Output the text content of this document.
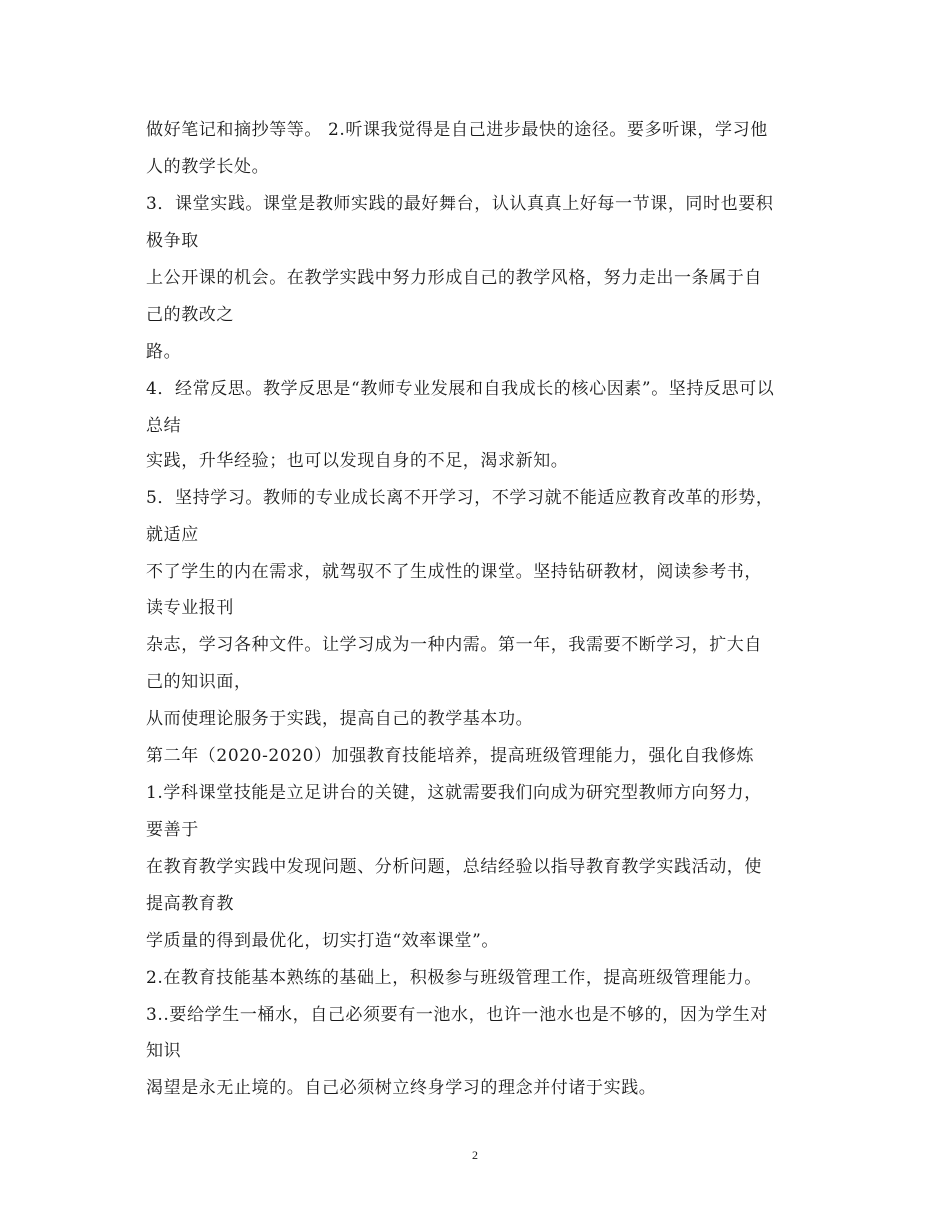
做好笔记和摘抄等等。 2.听课我觉得是自己进步最快的途径。要多听课，学习他
人的教学长处。
3．课堂实践。课堂是教师实践的最好舞台，认认真真上好每一节课，同时也要积
极争取
上公开课的机会。在教学实践中努力形成自己的教学风格，努力走出一条属于自
己的教改之
路。
4．经常反思。教学反思是“教师专业发展和自我成长的核心因素”。坚持反思可以
总结
实践，升华经验；也可以发现自身的不足，渴求新知。
5．坚持学习。教师的专业成长离不开学习，不学习就不能适应教育改革的形势，
就适应
不了学生的内在需求，就驾驭不了生成性的课堂。坚持钻研教材，阅读参考书，
读专业报刊
杂志，学习各种文件。让学习成为一种内需。第一年，我需要不断学习，扩大自
己的知识面，
从而使理论服务于实践，提高自己的教学基本功。
第二年（2020-2020）加强教育技能培养，提高班级管理能力，强化自我修炼
1.学科课堂技能是立足讲台的关键，这就需要我们向成为研究型教师方向努力，
要善于
在教育教学实践中发现问题、分析问题，总结经验以指导教育教学实践活动，使
提高教育教
学质量的得到最优化，切实打造“效率课堂”。
2.在教育技能基本熟练的基础上，积极参与班级管理工作，提高班级管理能力。
3..要给学生一桶水，自己必须要有一池水，也许一池水也是不够的，因为学生对
知识
渴望是永无止境的。自己必须树立终身学习的理念并付诸于实践。
2
